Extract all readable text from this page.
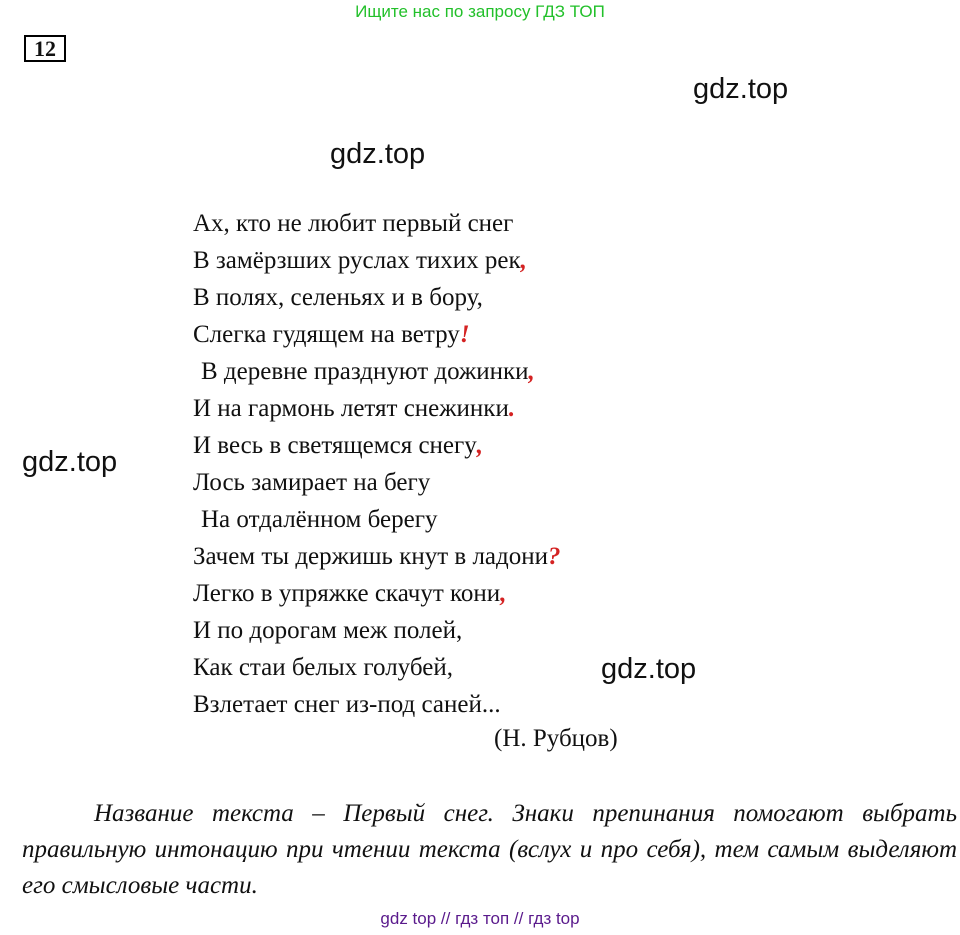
Ищите нас по запросу ГДЗ ТОП
12
gdz.top
gdz.top
gdz.top
gdz.top
Ах, кто не любит первый снег
В замёрзших руслах тихих рек,
В полях, селеньях и в бору,
Слегка гудящем на ветру!
В деревне празднуют дожинки,
И на гармонь летят снежинки.
И весь в светящемся снегу,
Лось замирает на бегу
На отдалённом берегу
Зачем ты держишь кнут в ладони?
Легко в упряжке скачут кони,
И по дорогам меж полей,
Как стаи белых голубей,
Взлетает снег из-под саней...
(Н. Рубцов)

Название текста – Первый снег. Знаки препинания помогают выбрать правильную интонацию при чтении текста (вслух и про себя), тем самым выделяют его смысловые части.

gdz top // гдз топ // гдз top
